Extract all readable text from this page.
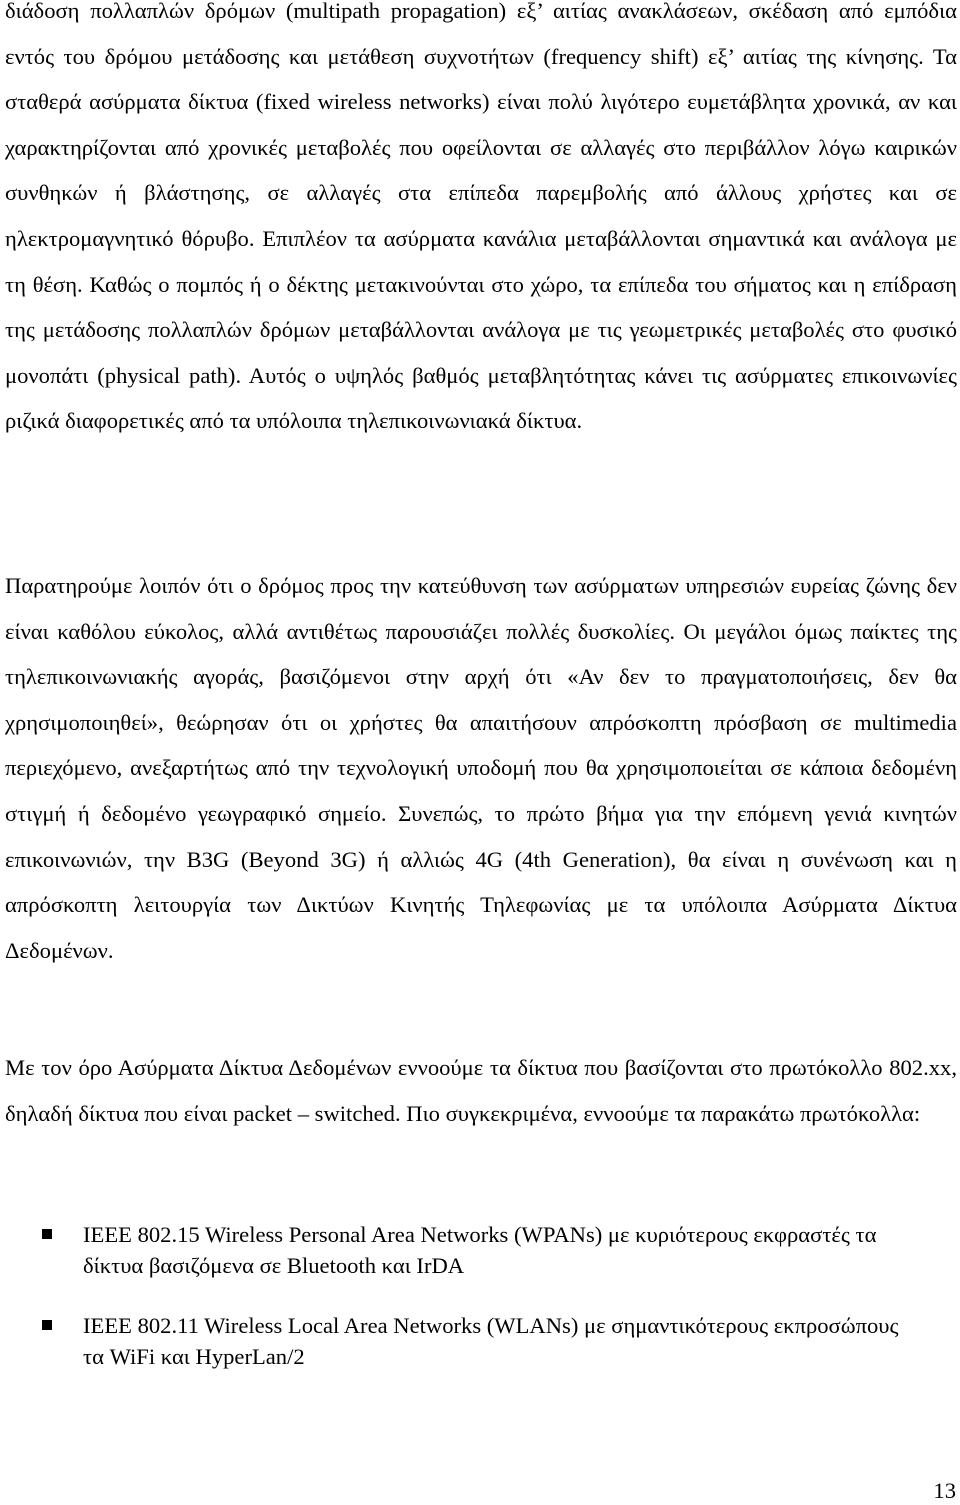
διάδοση πολλαπλών δρόμων (multipath propagation) εξ’ αιτίας ανακλάσεων, σκέδαση από εμπόδια εντός του δρόμου μετάδοσης και μετάθεση συχνοτήτων (frequency shift) εξ’ αιτίας της κίνησης. Τα σταθερά ασύρματα δίκτυα (fixed wireless networks) είναι πολύ λιγότερο ευμετάβλητα χρονικά, αν και χαρακτηρίζονται από χρονικές μεταβολές που οφείλονται σε αλλαγές στο περιβάλλον λόγω καιρικών συνθηκών ή βλάστησης, σε αλλαγές στα επίπεδα παρεμβολής από άλλους χρήστες και σε ηλεκτρομαγνητικό θόρυβο. Επιπλέον τα ασύρματα κανάλια μεταβάλλονται σημαντικά και ανάλογα με τη θέση. Καθώς ο πομπός ή ο δέκτης μετακινούνται στο χώρο, τα επίπεδα του σήματος και η επίδραση της μετάδοσης πολλαπλών δρόμων μεταβάλλονται ανάλογα με τις γεωμετρικές μεταβολές στο φυσικό μονοπάτι (physical path). Αυτός ο υψηλός βαθμός μεταβλητότητας κάνει τις ασύρματες επικοινωνίες ριζικά διαφορετικές από τα υπόλοιπα τηλεπικοινωνιακά δίκτυα.

Παρατηρούμε λοιπόν ότι ο δρόμος προς την κατεύθυνση των ασύρματων υπηρεσιών ευρείας ζώνης δεν είναι καθόλου εύκολος, αλλά αντιθέτως παρουσιάζει πολλές δυσκολίες. Οι μεγάλοι όμως παίκτες της τηλεπικοινωνιακής αγοράς, βασιζόμενοι στην αρχή ότι «Αν δεν το πραγματοποιήσεις, δεν θα χρησιμοποιηθεί», θεώρησαν ότι οι χρήστες θα απαιτήσουν απρόσκοπτη πρόσβαση σε multimedia περιεχόμενο, ανεξαρτήτως από την τεχνολογική υποδομή που θα χρησιμοποιείται σε κάποια δεδομένη στιγμή ή δεδομένο γεωγραφικό σημείο. Συνεπώς, το πρώτο βήμα για την επόμενη γενιά κινητών επικοινωνιών, την B3G (Beyond 3G) ή αλλιώς 4G (4th Generation), θα είναι η συνένωση και η απρόσκοπτη λειτουργία των Δικτύων Κινητής Τηλεφωνίας με τα υπόλοιπα Ασύρματα Δίκτυα Δεδομένων.

Με τον όρο Ασύρματα Δίκτυα Δεδομένων εννοούμε τα δίκτυα που βασίζονται στο πρωτόκολλο 802.xx, δηλαδή δίκτυα που είναι packet – switched. Πιο συγκεκριμένα, εννοούμε τα παρακάτω πρωτόκολλα:

IEEE 802.15 Wireless Personal Area Networks (WPANs) με κυριότερους εκφραστές τα δίκτυα βασιζόμενα σε Bluetooth και IrDA
IEEE 802.11 Wireless Local Area Networks (WLANs) με σημαντικότερους εκπροσώπους τα WiFi και HyperLan/2
13
